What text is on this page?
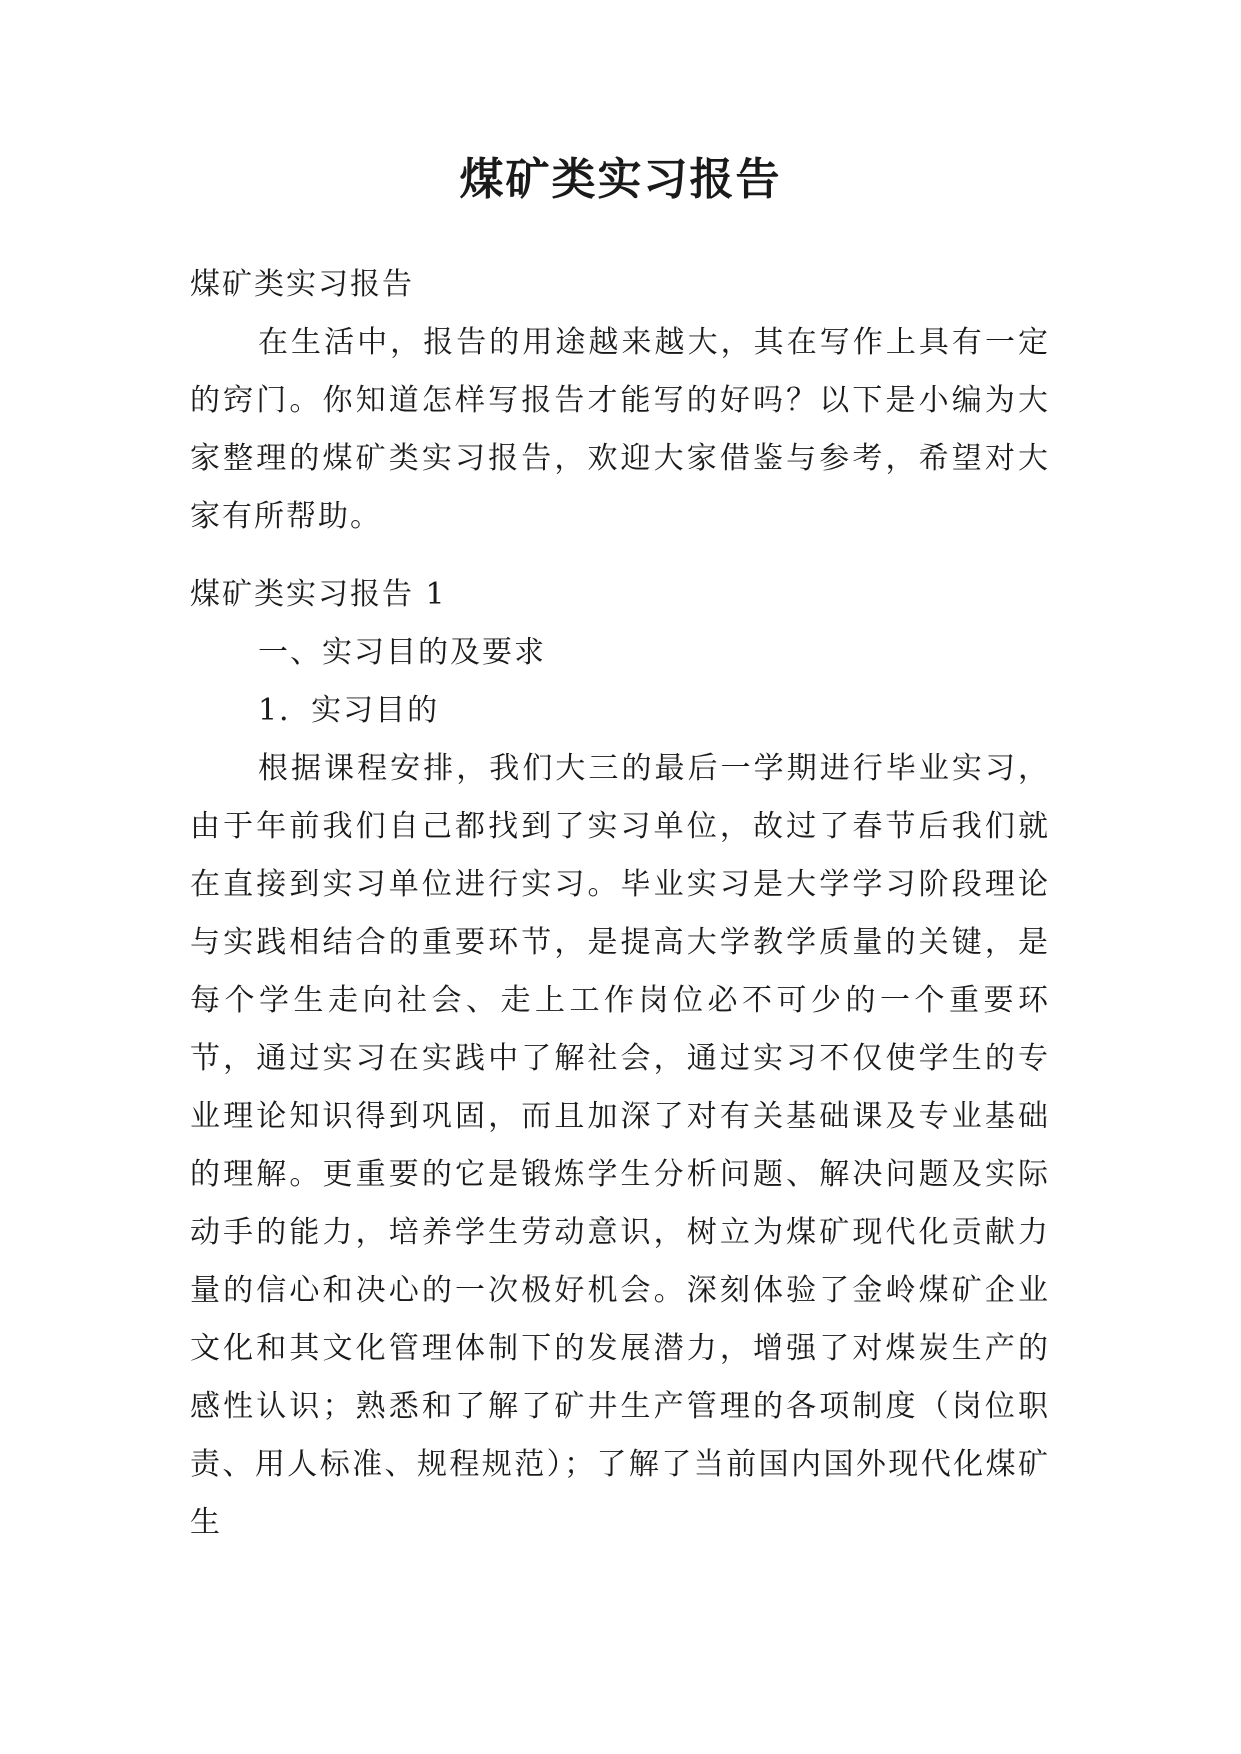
煤矿类实习报告

煤矿类实习报告

在生活中，报告的用途越来越大，其在写作上具有一定的窍门。你知道怎样写报告才能写的好吗？以下是小编为大家整理的煤矿类实习报告，欢迎大家借鉴与参考，希望对大家有所帮助。

煤矿类实习报告 1

一、实习目的及要求

1．实习目的

根据课程安排，我们大三的最后一学期进行毕业实习，由于年前我们自己都找到了实习单位，故过了春节后我们就在直接到实习单位进行实习。毕业实习是大学学习阶段理论与实践相结合的重要环节，是提高大学教学质量的关键，是每个学生走向社会、走上工作岗位必不可少的一个重要环节，通过实习在实践中了解社会，通过实习不仅使学生的专业理论知识得到巩固，而且加深了对有关基础课及专业基础的理解。更重要的它是锻炼学生分析问题、解决问题及实际动手的能力，培养学生劳动意识，树立为煤矿现代化贡献力量的信心和决心的一次极好机会。深刻体验了金岭煤矿企业文化和其文化管理体制下的发展潜力，增强了对煤炭生产的感性认识；熟悉和了解了矿井生产管理的各项制度（岗位职责、用人标准、规程规范）；了解了当前国内国外现代化煤矿生
